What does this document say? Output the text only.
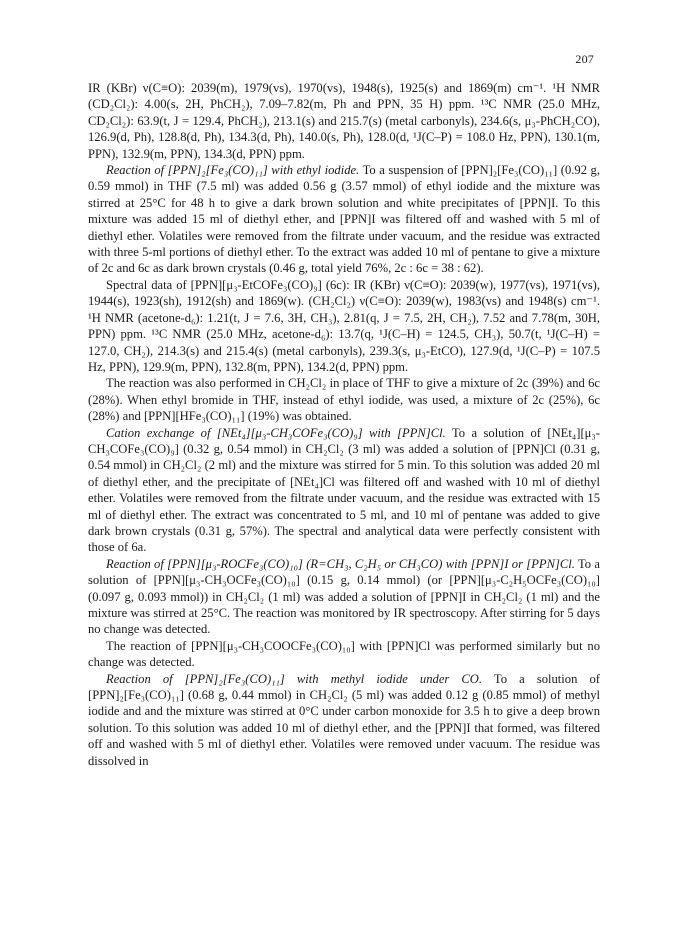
207

IR (KBr) ν(C≡O): 2039(m), 1979(vs), 1970(vs), 1948(s), 1925(s) and 1869(m) cm⁻¹. ¹H NMR (CD₂Cl₂): 4.00(s, 2H, PhCH₂), 7.09–7.82(m, Ph and PPN, 35 H) ppm. ¹³C NMR (25.0 MHz, CD₂Cl₂): 63.9(t, J = 129.4, PhCH₂), 213.1(s) and 215.7(s) (metal carbonyls), 234.6(s, μ₃-PhCH₂CO), 126.9(d, Ph), 128.8(d, Ph), 134.3(d, Ph), 140.0(s, Ph), 128.0(d, ¹J(C–P) = 108.0 Hz, PPN), 130.1(m, PPN), 132.9(m, PPN), 134.3(d, PPN) ppm.

Reaction of [PPN]₂[Fe₃(CO)₁₁] with ethyl iodide. To a suspension of [PPN]₂[Fe₃(CO)₁₁] (0.92 g, 0.59 mmol) in THF (7.5 ml) was added 0.56 g (3.57 mmol) of ethyl iodide and the mixture was stirred at 25°C for 48 h to give a dark brown solution and white precipitates of [PPN]I. To this mixture was added 15 ml of diethyl ether, and [PPN]I was filtered off and washed with 5 ml of diethyl ether. Volatiles were removed from the filtrate under vacuum, and the residue was extracted with three 5-ml portions of diethyl ether. To the extract was added 10 ml of pentane to give a mixture of 2c and 6c as dark brown crystals (0.46 g, total yield 76%, 2c : 6c = 38 : 62).

Spectral data of [PPN][μ₃-EtCOFe₃(CO)₉] (6c): IR (KBr) ν(C≡O): 2039(w), 1977(vs), 1971(vs), 1944(s), 1923(sh), 1912(sh) and 1869(w). (CH₂Cl₂) ν(C≡O): 2039(w), 1983(vs) and 1948(s) cm⁻¹. ¹H NMR (acetone-d₆): 1.21(t, J = 7.6, 3H, CH₃), 2.81(q, J = 7.5, 2H, CH₂), 7.52 and 7.78(m, 30H, PPN) ppm. ¹³C NMR (25.0 MHz, acetone-d₆): 13.7(q, ¹J(C–H) = 124.5, CH₃), 50.7(t, ¹J(C–H) = 127.0, CH₂), 214.3(s) and 215.4(s) (metal carbonyls), 239.3(s, μ₃-EtCO), 127.9(d, ¹J(C–P) = 107.5 Hz, PPN), 129.9(m, PPN), 132.8(m, PPN), 134.2(d, PPN) ppm.

The reaction was also performed in CH₂Cl₂ in place of THF to give a mixture of 2c (39%) and 6c (28%). When ethyl bromide in THF, instead of ethyl iodide, was used, a mixture of 2c (25%), 6c (28%) and [PPN][HFe₃(CO)₁₁] (19%) was obtained.

Cation exchange of [NEt₄][μ₃-CH₃COFe₃(CO)₉] with [PPN]Cl. To a solution of [NEt₄][μ₃-CH₃COFe₃(CO)₉] (0.32 g, 0.54 mmol) in CH₂Cl₂ (3 ml) was added a solution of [PPN]Cl (0.31 g, 0.54 mmol) in CH₂Cl₂ (2 ml) and the mixture was stirred for 5 min. To this solution was added 20 ml of diethyl ether, and the precipitate of [NEt₄]Cl was filtered off and washed with 10 ml of diethyl ether. Volatiles were removed from the filtrate under vacuum, and the residue was extracted with 15 ml of diethyl ether. The extract was concentrated to 5 ml, and 10 ml of pentane was added to give dark brown crystals (0.31 g, 57%). The spectral and analytical data were perfectly consistent with those of 6a.

Reaction of [PPN][μ₃-ROCFe₃(CO)₁₀] (R=CH₃, C₂H₅ or CH₃CO) with [PPN]I or [PPN]Cl. To a solution of [PPN][μ₃-CH₃OCFe₃(CO)₁₀] (0.15 g, 0.14 mmol) (or [PPN][μ₃-C₂H₅OCFe₃(CO)₁₀] (0.097 g, 0.093 mmol)) in CH₂Cl₂ (1 ml) was added a solution of [PPN]I in CH₂Cl₂ (1 ml) and the mixture was stirred at 25°C. The reaction was monitored by IR spectroscopy. After stirring for 5 days no change was detected.

The reaction of [PPN][μ₃-CH₃COOCFe₃(CO)₁₀] with [PPN]Cl was performed similarly but no change was detected.

Reaction of [PPN]₂[Fe₃(CO)₁₁] with methyl iodide under CO. To a solution of [PPN]₂[Fe₃(CO)₁₁] (0.68 g, 0.44 mmol) in CH₂Cl₂ (5 ml) was added 0.12 g (0.85 mmol) of methyl iodide and and the mixture was stirred at 0°C under carbon monoxide for 3.5 h to give a deep brown solution. To this solution was added 10 ml of diethyl ether, and the [PPN]I that formed, was filtered off and washed with 5 ml of diethyl ether. Volatiles were removed under vacuum. The residue was dissolved in
